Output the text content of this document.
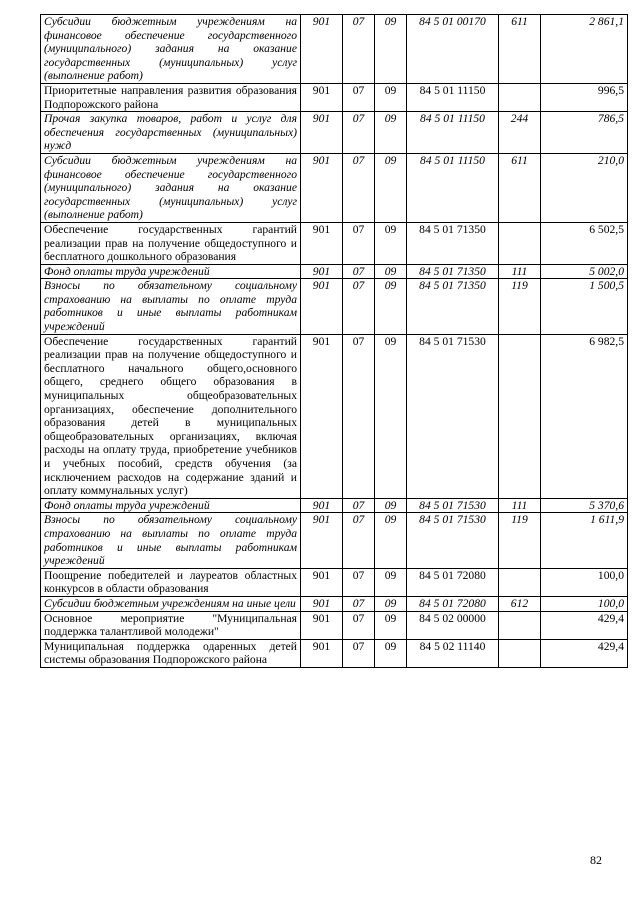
Субсидии бюджетным учреждениям на финансовое обеспечение государственного (муниципального) задания на оказание государственных (муниципальных) услуг (выполнение работ)	901	07	09	84 5 01 00170	611	2 861,1
Приоритетные направления развития образования Подпорожского района	901	07	09	84 5 01 11150		996,5
Прочая закупка товаров, работ и услуг для обеспечения государственных (муниципальных) нужд	901	07	09	84 5 01 11150	244	786,5
Субсидии бюджетным учреждениям на финансовое обеспечение государственного (муниципального) задания на оказание государственных (муниципальных) услуг (выполнение работ)	901	07	09	84 5 01 11150	611	210,0
Обеспечение государственных гарантий реализации прав на получение общедоступного и бесплатного дошкольного образования	901	07	09	84 5 01 71350		6 502,5
Фонд оплаты труда учреждений	901	07	09	84 5 01 71350	111	5 002,0
Взносы по обязательному социальному страхованию на выплаты по оплате труда работников и иные выплаты работникам учреждений	901	07	09	84 5 01 71350	119	1 500,5
Обеспечение государственных гарантий реализации прав на получение общедоступного и бесплатного начального общего,основного общего, среднего общего образования в муниципальных общеобразовательных организациях, обеспечение дополнительного образования детей в муниципальных общеобразовательных организациях, включая расходы на оплату труда, приобретение учебников и учебных пособий, средств обучения (за исключением расходов на содержание зданий и оплату коммунальных услуг)	901	07	09	84 5 01 71530		6 982,5
Фонд оплаты труда учреждений	901	07	09	84 5 01 71530	111	5 370,6
Взносы по обязательному социальному страхованию на выплаты по оплате труда работников и иные выплаты работникам учреждений	901	07	09	84 5 01 71530	119	1 611,9
Поощрение победителей и лауреатов областных конкурсов в области образования	901	07	09	84 5 01 72080		100,0
Субсидии бюджетным учреждениям на иные цели	901	07	09	84 5 01 72080	612	100,0
Основное мероприятие "Муниципальная поддержка талантливой молодежи"	901	07	09	84 5 02 00000		429,4
Муниципальная поддержка одаренных детей системы образования Подпорожского района	901	07	09	84 5 02 11140		429,4
82
